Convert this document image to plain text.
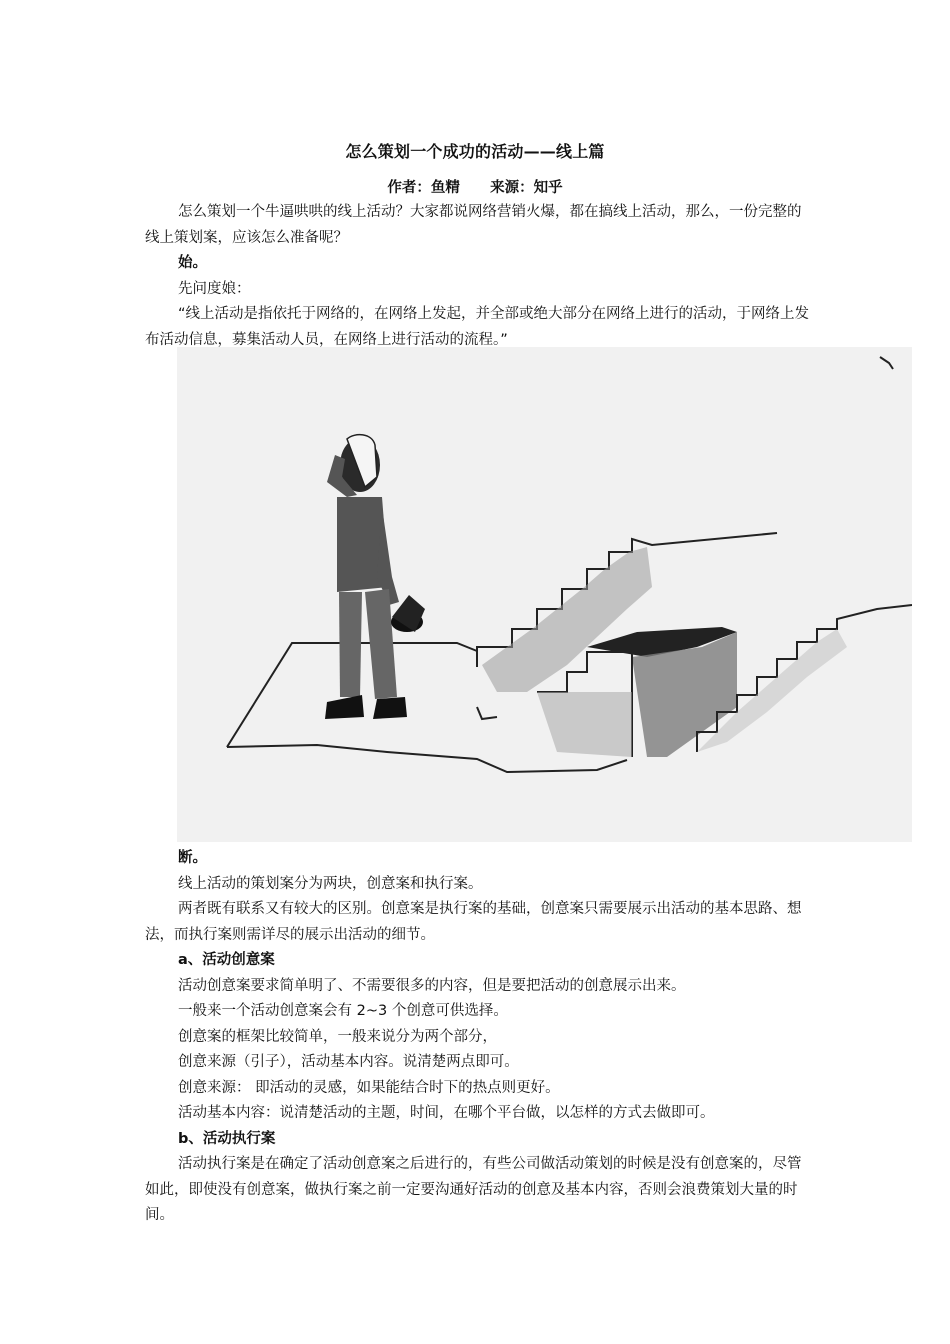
怎么策划一个成功的活动——线上篇
作者：鱼精      来源：知乎

怎么策划一个牛逼哄哄的线上活动？大家都说网络营销火爆，都在搞线上活动，那么，一份完整的线上策划案，应该怎么准备呢？

始。

先问度娘：

“线上活动是指依托于网络的，在网络上发起，并全部或绝大部分在网络上进行的活动，于网络上发布活动信息，募集活动人员，在网络上进行活动的流程。”

断。

线上活动的策划案分为两块，创意案和执行案。

两者既有联系又有较大的区别。创意案是执行案的基础，创意案只需要展示出活动的基本思路、想法，而执行案则需详尽的展示出活动的细节。

a、活动创意案

活动创意案要求简单明了、不需要很多的内容，但是要把活动的创意展示出来。

一般来一个活动创意案会有 2~3 个创意可供选择。

创意案的框架比较简单，一般来说分为两个部分，

创意来源（引子），活动基本内容。说清楚两点即可。

创意来源： 即活动的灵感，如果能结合时下的热点则更好。

活动基本内容：说清楚活动的主题，时间，在哪个平台做，以怎样的方式去做即可。

b、活动执行案

活动执行案是在确定了活动创意案之后进行的，有些公司做活动策划的时候是没有创意案的，尽管如此，即使没有创意案，做执行案之前一定要沟通好活动的创意及基本内容，否则会浪费策划大量的时间。
